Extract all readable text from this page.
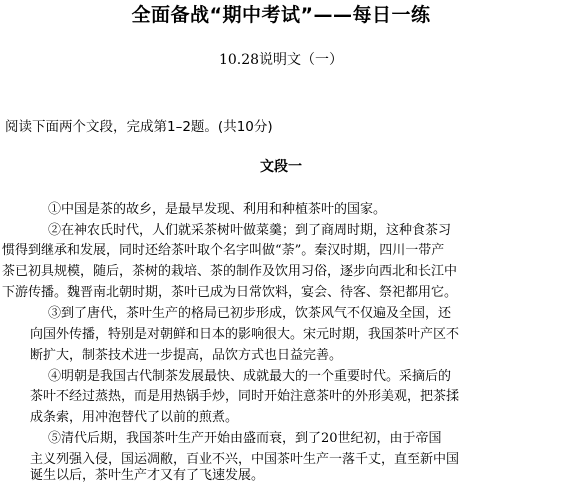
全面备战“期中考试”——每日一练
10.28说明文（一）
阅读下面两个文段，完成第1–2题。(共10分)
文段一
①中国是茶的故乡，是最早发现、利用和种植茶叶的国家。
②在神农氏时代，人们就采茶树叶做菜羹；到了商周时期，这种食茶习
惯得到继承和发展，同时还给茶叶取个名字叫做“荼”。秦汉时期，四川一带产
茶已初具规模，随后，茶树的栽培、茶的制作及饮用习俗，逐步向西北和长江中
下游传播。魏晋南北朝时期，茶叶已成为日常饮料，宴会、待客、祭祀都用它。
③到了唐代，茶叶生产的格局已初步形成，饮茶风气不仅遍及全国，还
向国外传播，特别是对朝鲜和日本的影响很大。宋元时期，我国茶叶产区不
断扩大，制茶技术进一步提高，品饮方式也日益完善。
④明朝是我国古代制茶发展最快、成就最大的一个重要时代。采摘后的
茶叶不经过蒸热，而是用热锅手炒，同时开始注意茶叶的外形美观，把茶揉
成条索，用冲泡替代了以前的煎煮。
⑤清代后期，我国茶叶生产开始由盛而衰，到了20世纪初，由于帝国
主义列强入侵，国运凋敝，百业不兴，中国茶叶生产一落千丈，直至新中国
诞生以后，茶叶生产才又有了飞速发展。
